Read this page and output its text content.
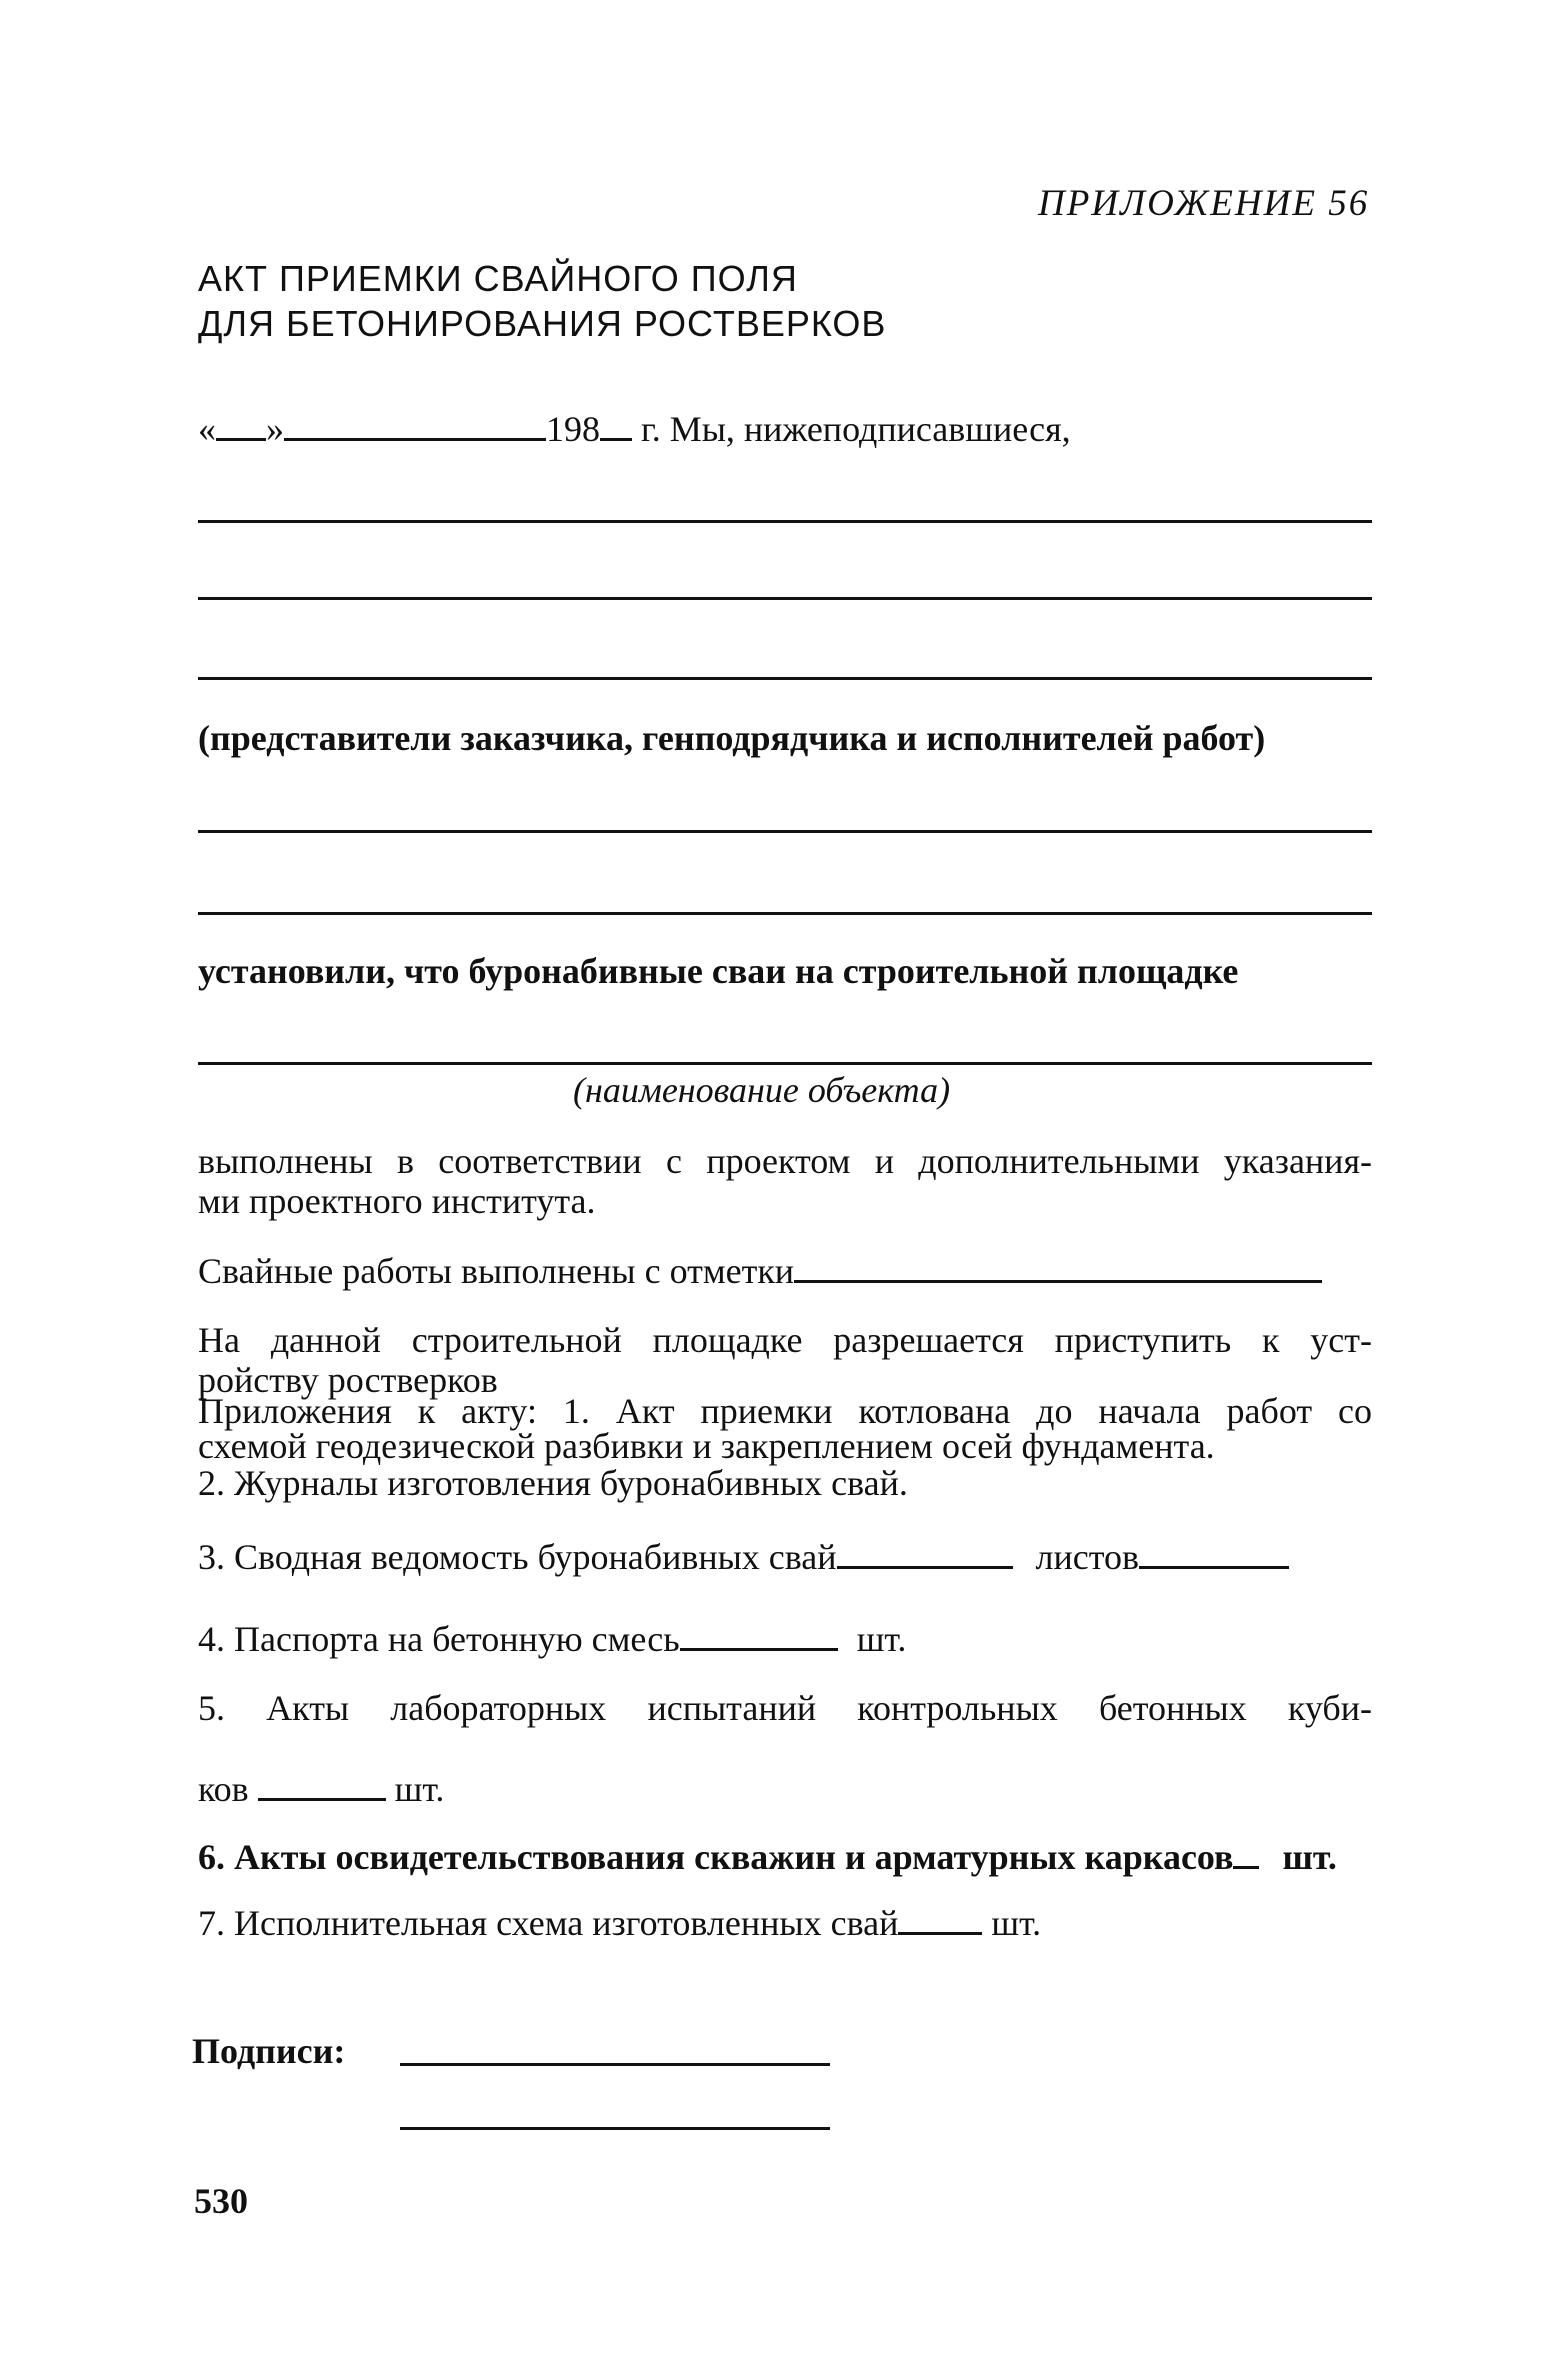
ПРИЛОЖЕНИЕ 56
АКТ ПРИЕМКИ СВАЙНОГО ПОЛЯ
ДЛЯ БЕТОНИРОВАНИЯ РОСТВЕРКОВ
« »	198 г. Мы, нижеподписавшиеся,
(представители заказчика, генподрядчика и исполнителей работ)
установили, что буронабивные сваи на строительной площадке
(наименование объекта)
выполнены в соответствии с проектом и дополнительными указания-
ми проектного института.
Свайные работы выполнены с отметки
На данной строительной площадке разрешается приступить к уст-
ройству ростверков
Приложения к акту: 1. Акт приемки котлована до начала работ со
схемой геодезической разбивки и закреплением осей фундамента.
2. Журналы изготовления буронабивных свай.
3. Сводная ведомость буронабивных свай	листов
4. Паспорта на бетонную смесь	шт.
5. Акты лабораторных испытаний контрольных бетонных куби-
ков	шт.
6. Акты освидетельствования скважин и арматурных каркасов шт.
7. Исполнительная схема изготовленных свай	шт.
Подписи:
530
